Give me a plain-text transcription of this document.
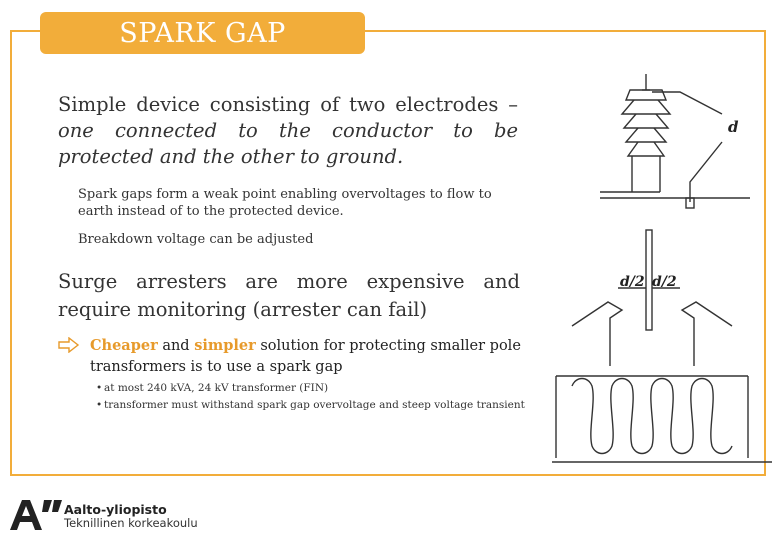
SPARK GAP
Simple device consisting of two electrodes – one connected to the conductor to be protected and the other to ground.
Spark gaps form a weak point enabling overvoltages to flow to earth instead of to the protected device.
Breakdown voltage can be adjusted
Surge arresters are more expensive and require monitoring (arrester can fail)
Cheaper and simpler solution for protecting smaller pole transformers is to use a spark gap
• at most 240 kVA, 24 kV transformer (FIN)
• transformer must withstand spark gap overvoltage and steep voltage transient
d
d/2 d/2
Aalto-yliopisto
Teknillinen korkeakoulu
